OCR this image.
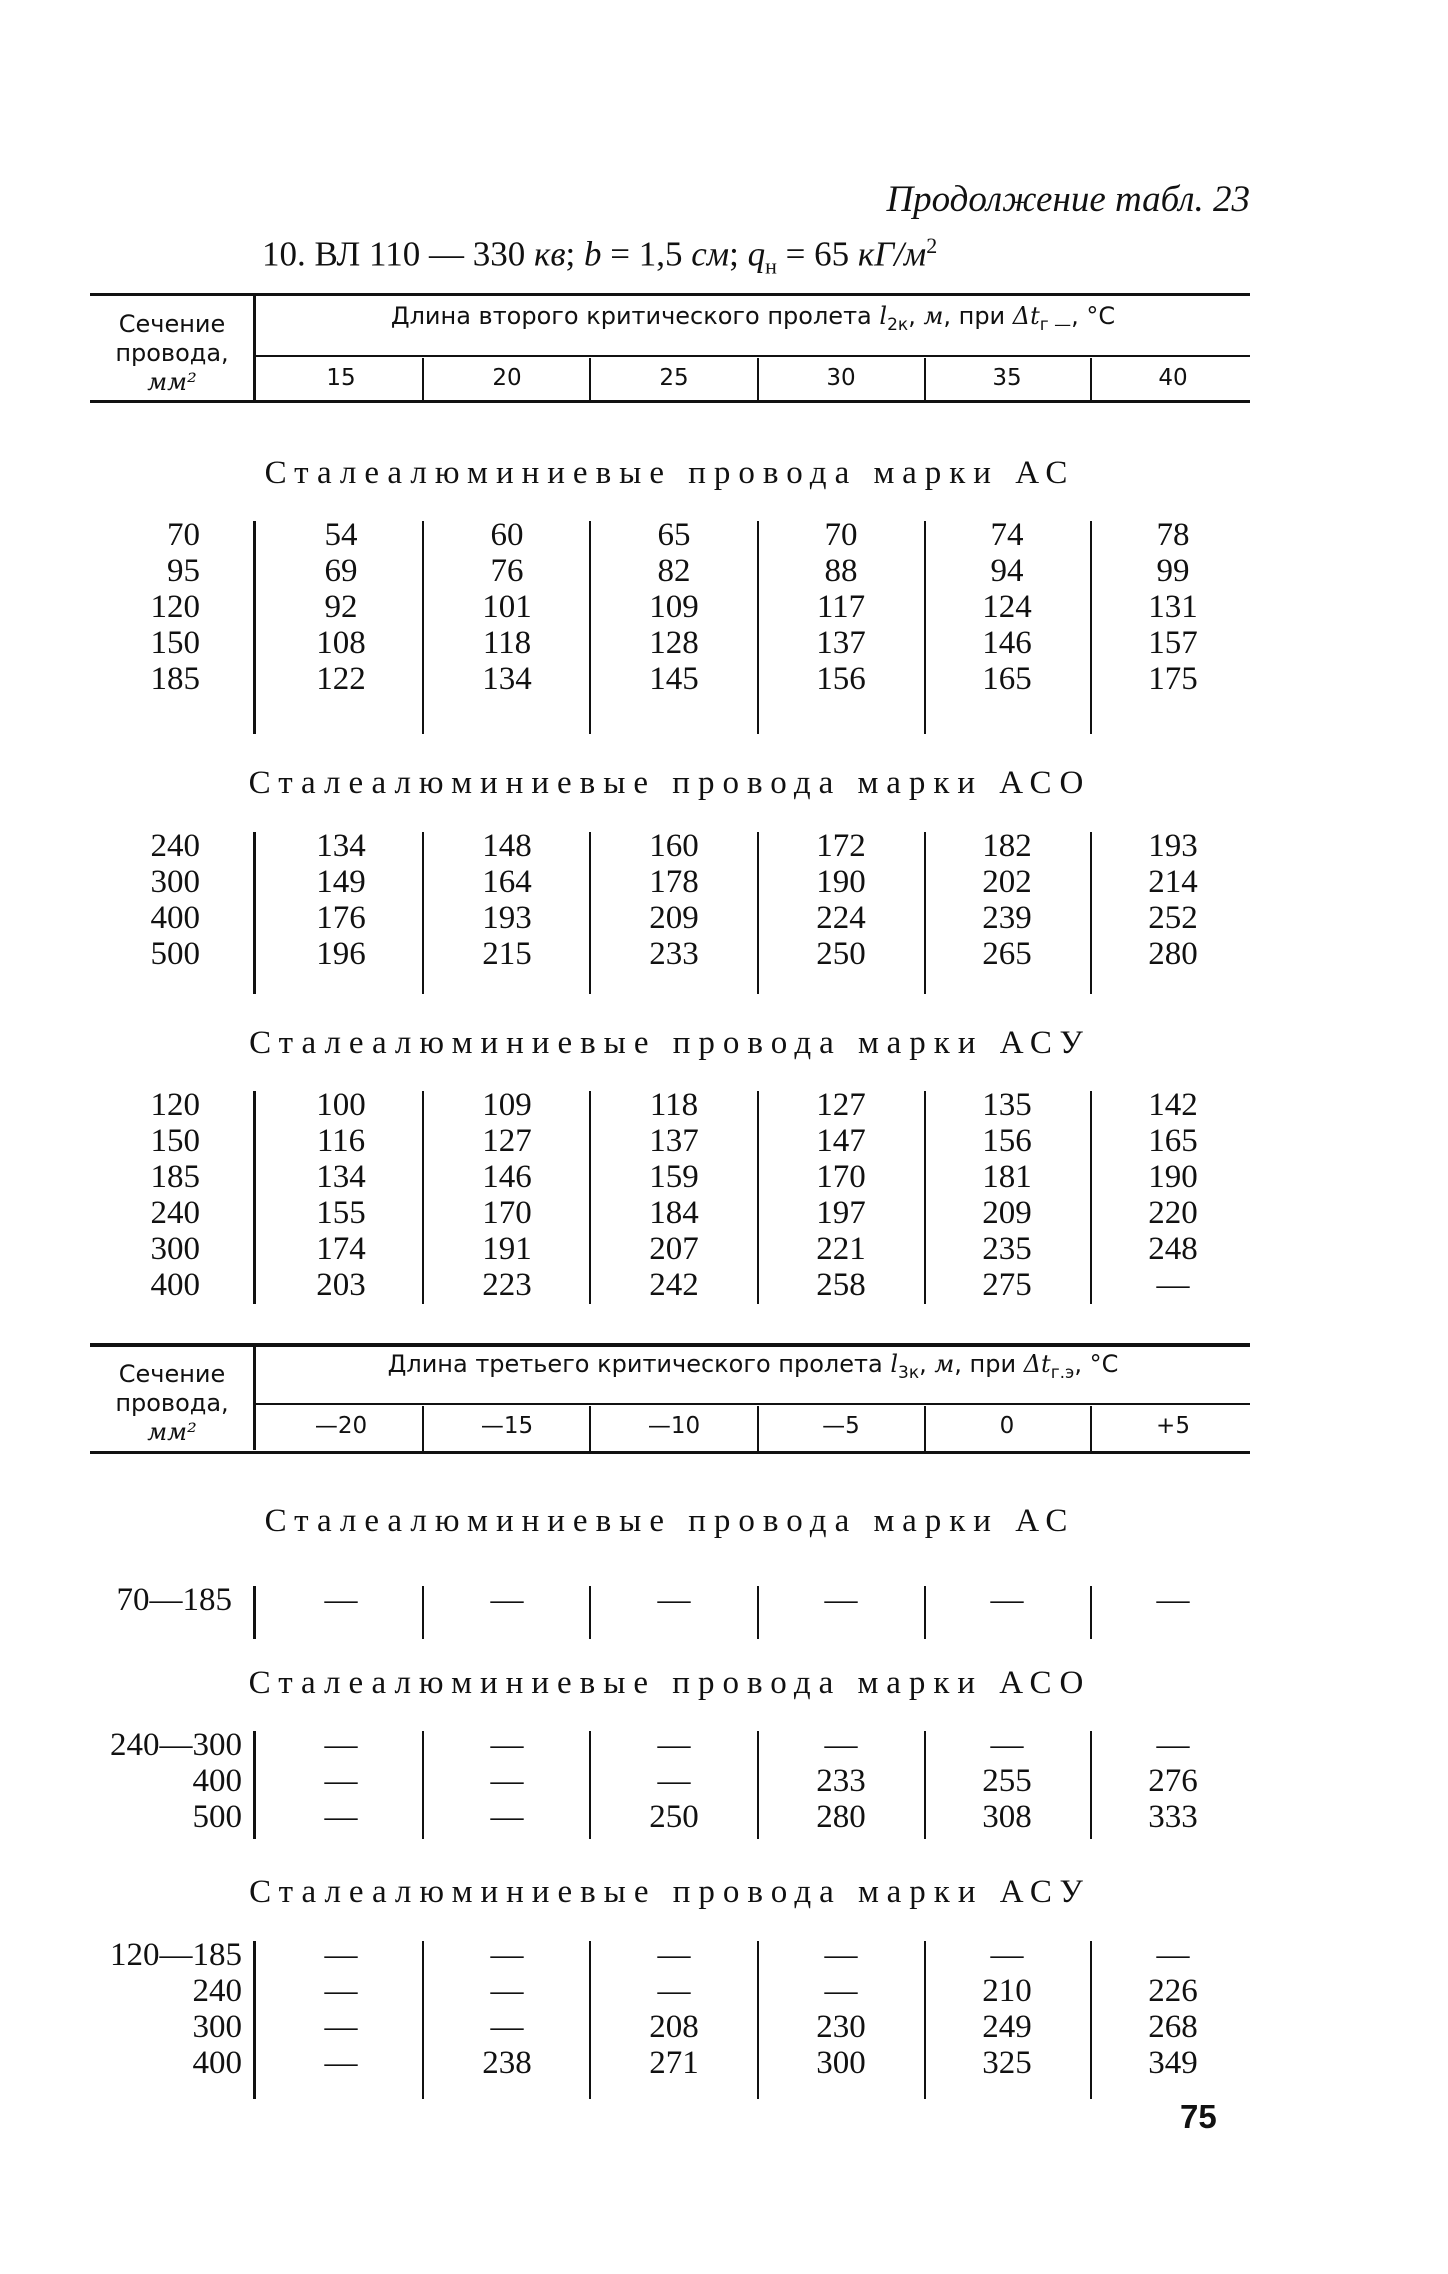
Продолжение табл. 23
10. ВЛ 110 — 330 кв; b = 1,5 см; $q_н = 65$ $кГ/м^2$
Сечение
провода,
мм²
Длина второго критического пролета $l_{2к}$, м, при $\Delta t_{г —}$, °C
15	20	25	30	35	40
Сталеалюминиевые провода марки АС
70	54	60	65	70	74	78
95	69	76	82	88	94	99
120	92	101	109	117	124	131
150	108	118	128	137	146	157
185	122	134	145	156	165	175
Сталеалюминиевые провода марки АСО
240	134	148	160	172	182	193
300	149	164	178	190	202	214
400	176	193	209	224	239	252
500	196	215	233	250	265	280
Сталеалюминиевые провода марки АСУ
120	100	109	118	127	135	142
150	116	127	137	147	156	165
185	134	146	159	170	181	190
240	155	170	184	197	209	220
300	174	191	207	221	235	248
400	203	223	242	258	275	—
Сечение
провода,
мм²
Длина третьего критического пролета $l_{3к}$, м, при $\Delta t_{г.э}$, °C
—20	—15	—10	—5	0	+5
Сталеалюминиевые провода марки АС
70—185	—	—	—	—	—	—
Сталеалюминиевые провода марки АСО
240—300	—	—	—	—	—	—
400	—	—	—	233	255	276
500	—	—	250	280	308	333
Сталеалюминиевые провода марки АСУ
120—185	—	—	—	—	—	—
240	—	—	—	—	210	226
300	—	—	208	230	249	268
400	—	238	271	300	325	349
75
